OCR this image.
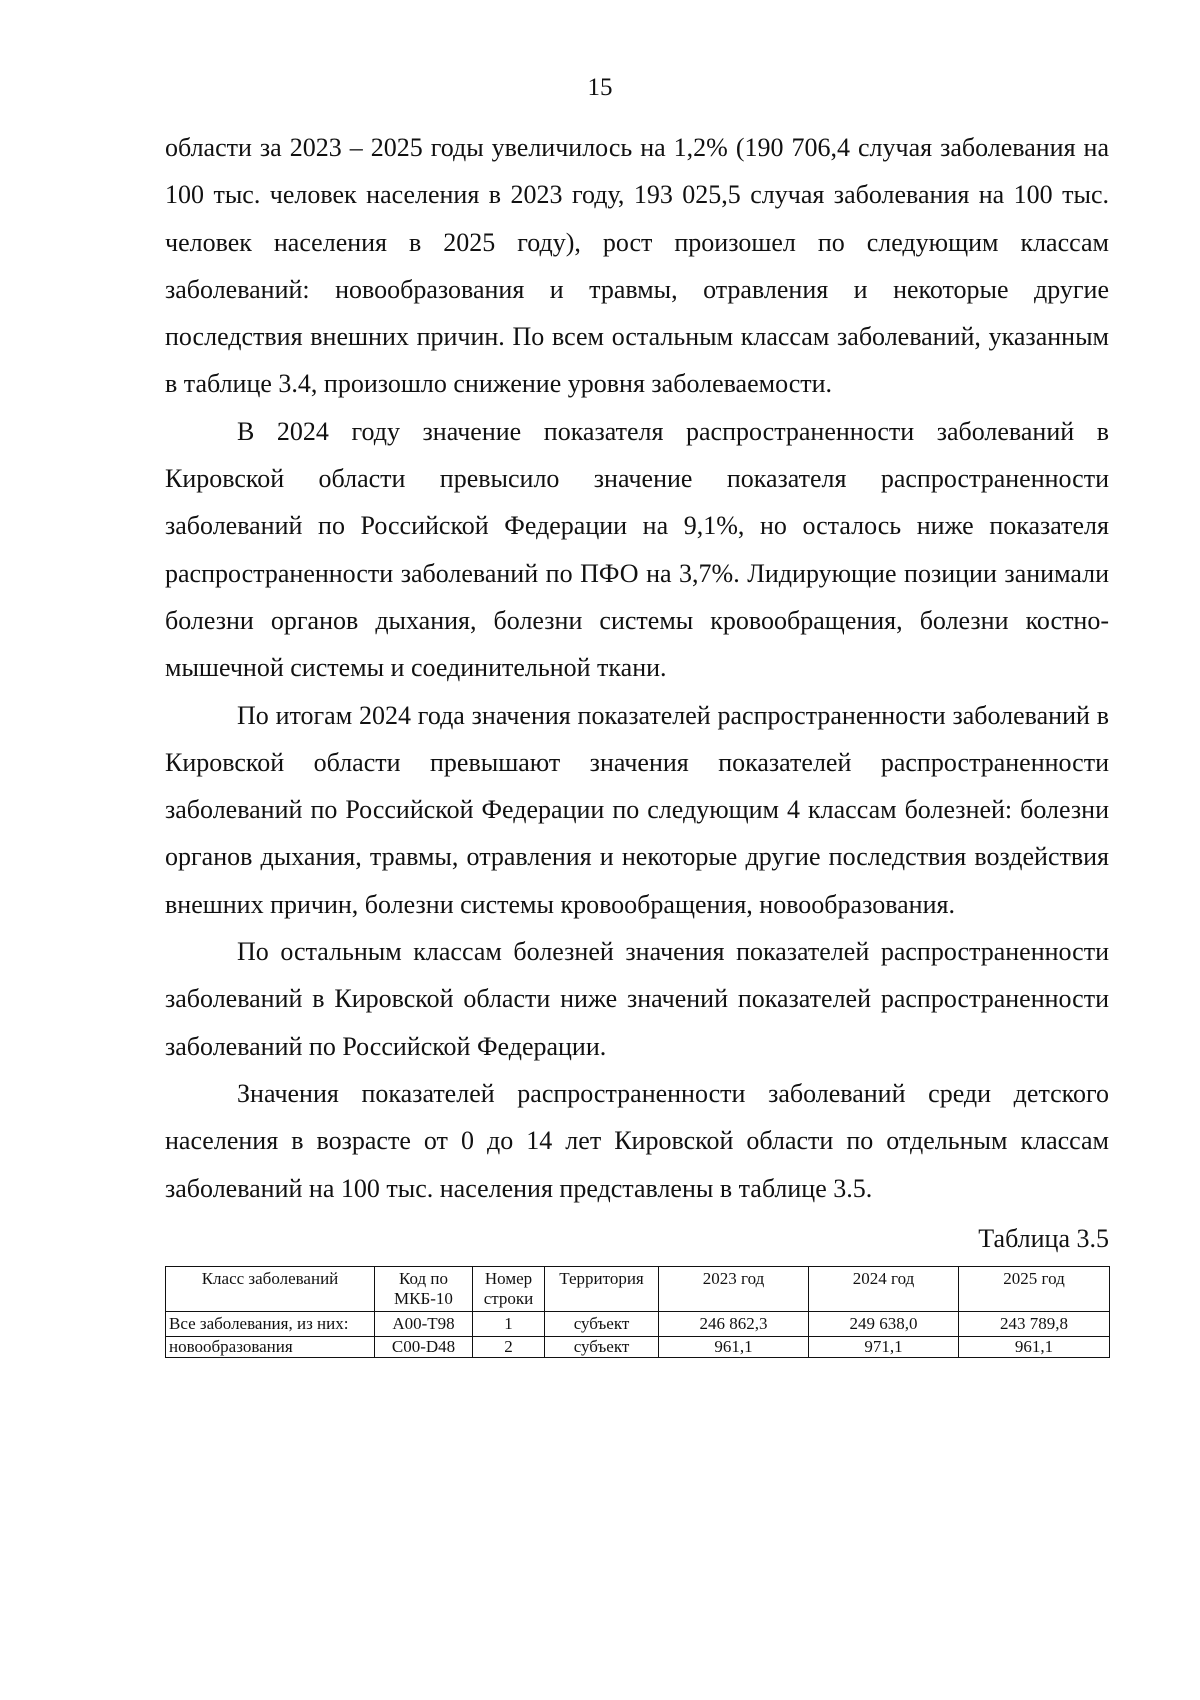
15

области за 2023 – 2025 годы увеличилось на 1,2% (190 706,4 случая заболевания на 100 тыс. человек населения в 2023 году, 193 025,5 случая заболевания на 100 тыс. человек населения в 2025 году), рост произошел по следующим классам заболеваний: новообразования и травмы, отравления и некоторые другие последствия внешних причин. По всем остальным классам заболеваний, указанным в таблице 3.4, произошло снижение уровня заболеваемости.

В 2024 году значение показателя распространенности заболеваний в Кировской области превысило значение показателя распространенности заболеваний по Российской Федерации на 9,1%, но осталось ниже показателя распространенности заболеваний по ПФО на 3,7%. Лидирующие позиции занимали болезни органов дыхания, болезни системы кровообращения, болезни костно-мышечной системы и соединительной ткани.

По итогам 2024 года значения показателей распространенности заболеваний в Кировской области превышают значения показателей распространенности заболеваний по Российской Федерации по следующим 4 классам болезней: болезни органов дыхания, травмы, отравления и некоторые другие последствия воздействия внешних причин, болезни системы кровообращения, новообразования.

По остальным классам болезней значения показателей распространенности заболеваний в Кировской области ниже значений показателей распространенности заболеваний по Российской Федерации.

Значения показателей распространенности заболеваний среди детского населения в возрасте от 0 до 14 лет Кировской области по отдельным классам заболеваний на 100 тыс. населения представлены в таблице 3.5.

Таблица 3.5
Класс заболеваний	Код по МКБ-10	Номер строки	Территория	2023 год	2024 год	2025 год
Все заболевания, из них:	A00-T98	1	субъект	246 862,3	249 638,0	243 789,8
новообразования	C00-D48	2	субъект	961,1	971,1	961,1
